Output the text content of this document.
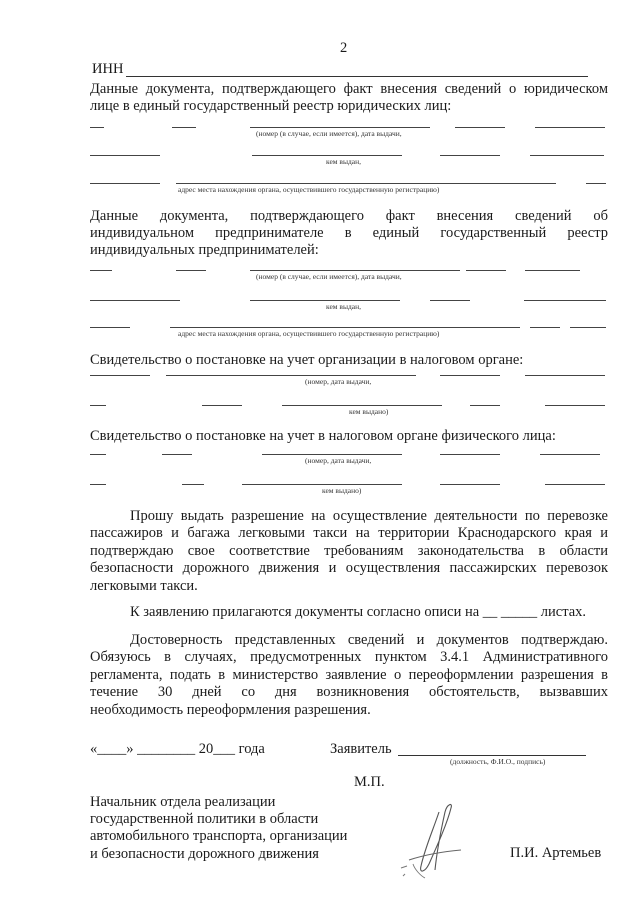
2
ИНН
Данные документа, подтверждающего факт внесения сведений о юридическом
лице в единый государственный реестр юридических лиц:
(номер (в случае, если имеется), дата выдачи,
кем выдан,
адрес места нахождения органа, осуществившего государственную регистрацию)
Данные документа, подтверждающего факт внесения сведений об
индивидуальном предпринимателе в единый государственный реестр
индивидуальных предпринимателей:
(номер (в случае, если имеется), дата выдачи,
кем выдан,
адрес места нахождения органа, осуществившего государственную регистрацию)
Свидетельство о постановке на учет организации в налоговом органе:
(номер, дата выдачи,
кем выдано)
Свидетельство о постановке на учет в налоговом органе физического лица:
(номер, дата выдачи,
кем выдано)
Прошу выдать разрешение на осуществление деятельности по перевозке
пассажиров и багажа легковыми такси на территории Краснодарского края и
подтверждаю свое соответствие требованиям законодательства в области
безопасности дорожного движения и осуществления пассажирских перевозок
легковыми такси.
К заявлению прилагаются документы согласно описи на __ _____ листах.
Достоверность представленных сведений и документов подтверждаю.
Обязуюсь в случаях, предусмотренных пунктом 3.4.1 Административного
регламента, подать в министерство заявление о переоформлении разрешения в
течение 30 дней со дня возникновения обстоятельств, вызвавших
необходимость переоформления разрешения.
«____» ________ 20___ года	Заявитель
(должность, Ф.И.О., подпись)
М.П.
Начальник отдела реализации
государственной политики в области
автомобильного транспорта, организации
и безопасности дорожного движения	П.И. Артемьев
